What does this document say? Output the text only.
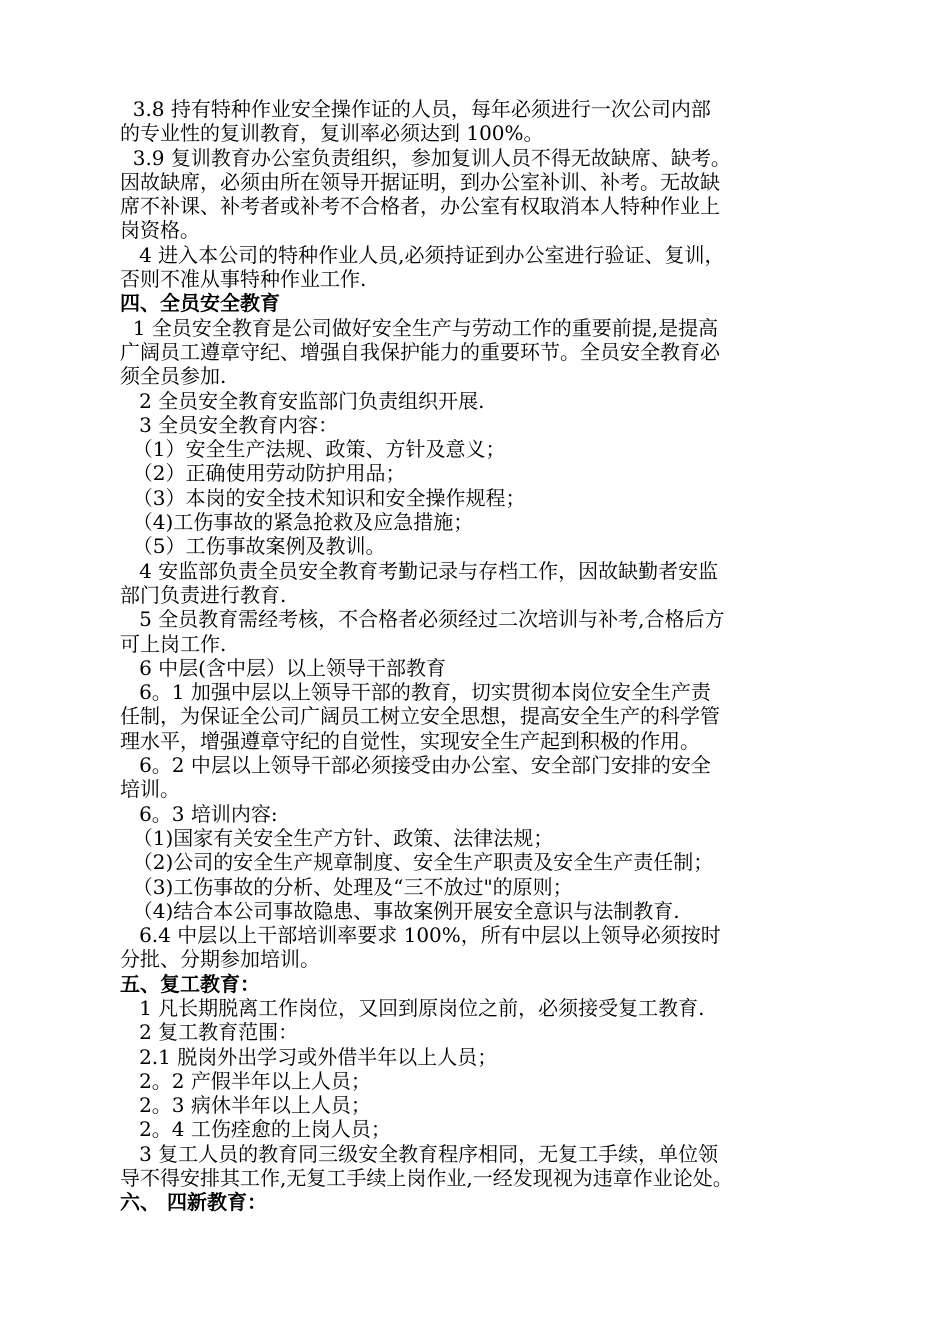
3.8 持有特种作业安全操作证的人员，每年必须进行一次公司内部
的专业性的复训教育，复训率必须达到 100%。
3.9 复训教育办公室负责组织，参加复训人员不得无故缺席、缺考。
因故缺席，必须由所在领导开据证明，到办公室补训、补考。无故缺
席不补课、补考者或补考不合格者，办公室有权取消本人特种作业上
岗资格。
4 进入本公司的特种作业人员,必须持证到办公室进行验证、复训，
否则不准从事特种作业工作.
四、全员安全教育
1 全员安全教育是公司做好安全生产与劳动工作的重要前提,是提高
广阔员工遵章守纪、增强自我保护能力的重要环节。全员安全教育必
须全员参加.
2 全员安全教育安监部门负责组织开展.
3 全员安全教育内容：
（1）安全生产法规、政策、方针及意义；
（2）正确使用劳动防护用品；
（3）本岗的安全技术知识和安全操作规程；
（4)工伤事故的紧急抢救及应急措施；
（5）工伤事故案例及教训。
4 安监部负责全员安全教育考勤记录与存档工作，因故缺勤者安监
部门负责进行教育.
5 全员教育需经考核，不合格者必须经过二次培训与补考,合格后方
可上岗工作.
6 中层(含中层）以上领导干部教育
6。1 加强中层以上领导干部的教育，切实贯彻本岗位安全生产责
任制，为保证全公司广阔员工树立安全思想，提高安全生产的科学管
理水平，增强遵章守纪的自觉性，实现安全生产起到积极的作用。
6。2 中层以上领导干部必须接受由办公室、安全部门安排的安全
培训。
6。3 培训内容:
（1)国家有关安全生产方针、政策、法律法规；
（2)公司的安全生产规章制度、安全生产职责及安全生产责任制；
（3)工伤事故的分析、处理及“三不放过"的原则；
（4)结合本公司事故隐患、事故案例开展安全意识与法制教育.
6.4 中层以上干部培训率要求 100%，所有中层以上领导必须按时
分批、分期参加培训。
五、复工教育：
1 凡长期脱离工作岗位，又回到原岗位之前，必须接受复工教育.
2 复工教育范围：
2.1 脱岗外出学习或外借半年以上人员；
2。2 产假半年以上人员；
2。3 病休半年以上人员；
2。4 工伤痊愈的上岗人员；
3 复工人员的教育同三级安全教育程序相同，无复工手续，单位领
导不得安排其工作,无复工手续上岗作业,一经发现视为违章作业论处。
六、 四新教育：
